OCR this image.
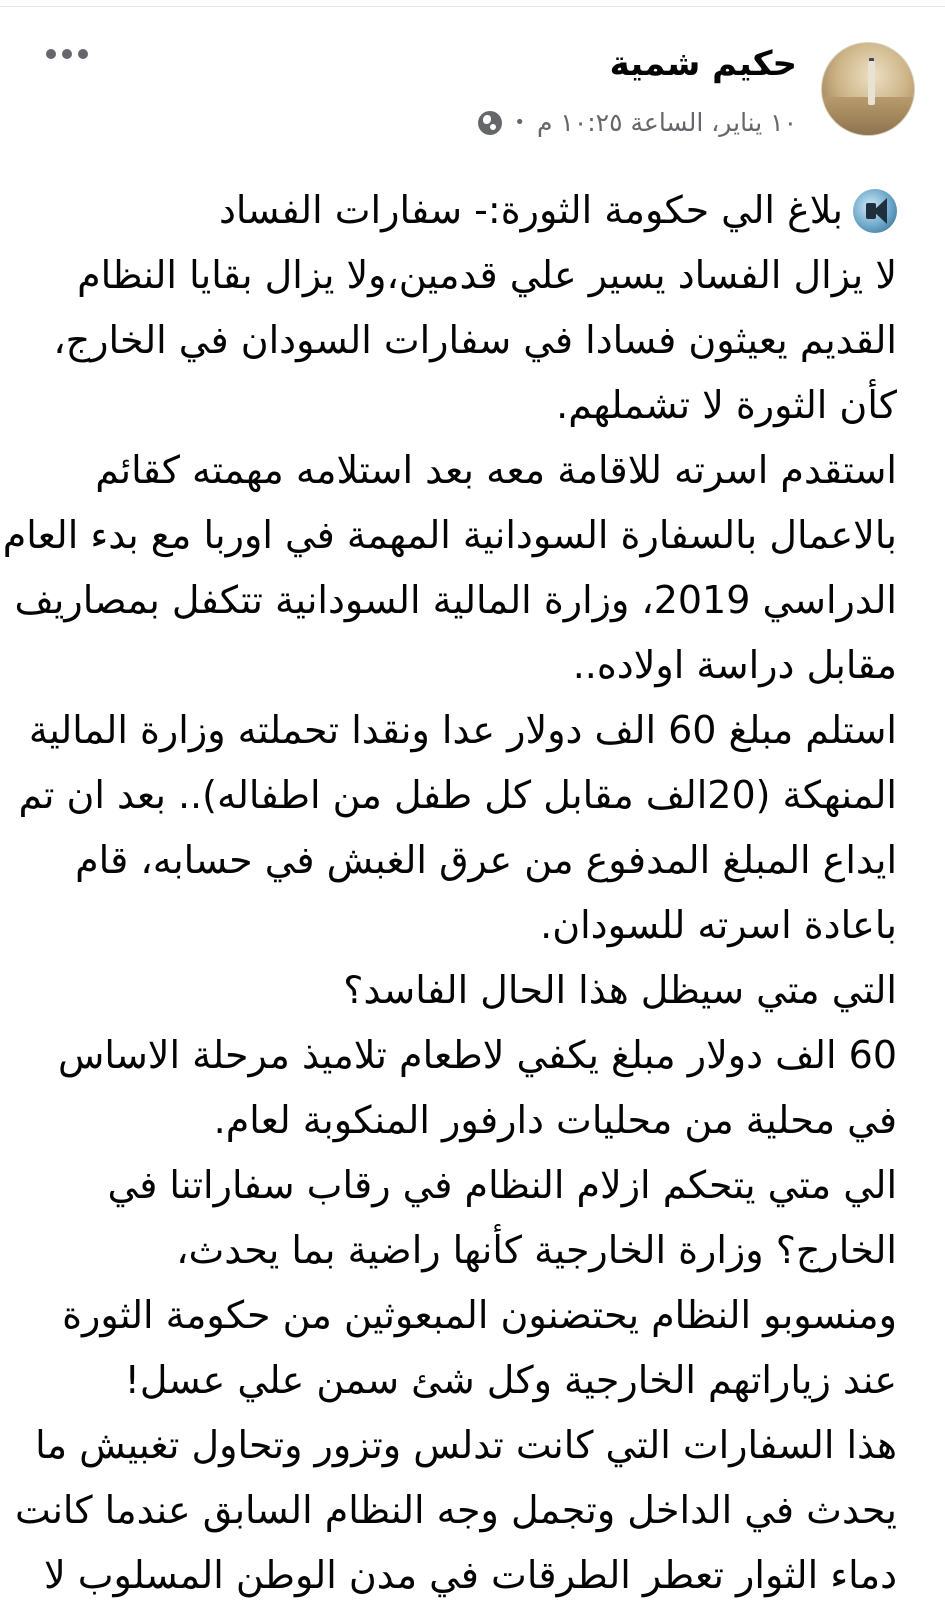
حكيم شمية
١٠ يناير، الساعة ١٠:٢٥ م
•
بلاغ الي حكومة الثورة:- سفارات الفساد
لا يزال الفساد يسير علي قدمين،ولا يزال بقايا النظام
القديم يعيثون فسادا في سفارات السودان في الخارج،
كأن الثورة لا تشملهم.
استقدم اسرته للاقامة معه بعد استلامه مهمته كقائم
بالاعمال بالسفارة السودانية المهمة في اوربا مع بدء العام
الدراسي 2019، وزارة المالية السودانية تتكفل بمصاريف
مقابل دراسة اولاده..
استلم مبلغ 60 الف دولار عدا ونقدا تحملته وزارة المالية
المنهكة (20الف مقابل كل طفل من اطفاله).. بعد ان تم
ايداع المبلغ المدفوع من عرق الغبش في حسابه، قام
باعادة اسرته للسودان.
التي متي سيظل هذا الحال الفاسد؟
60 الف دولار مبلغ يكفي لاطعام تلاميذ مرحلة الاساس
في محلية من محليات دارفور المنكوبة لعام.
الي متي يتحكم ازلام النظام في رقاب سفاراتنا في
الخارج؟ وزارة الخارجية كأنها راضية بما يحدث،
ومنسوبو النظام يحتضنون المبعوثين من حكومة الثورة
عند زياراتهم الخارجية وكل شئ سمن علي عسل!
هذا السفارات التي كانت تدلس وتزور وتحاول تغبيش ما
يحدث في الداخل وتجمل وجه النظام السابق عندما كانت
دماء الثوار تعطر الطرقات في مدن الوطن المسلوب لا
